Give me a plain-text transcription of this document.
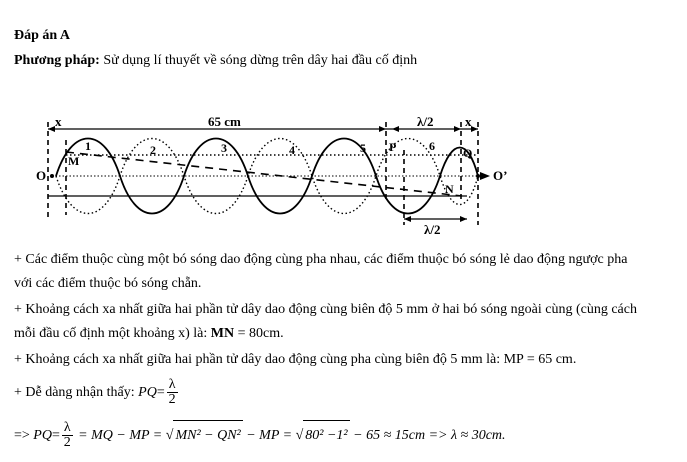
Đáp án A
Phương pháp: Sử dụng lí thuyết về sóng dừng trên dây hai đầu cố định
x	65 cm	λ/2 x
λ/2
O	O’
M
N
P	Q
1	2	3	4	5	6
+ Các điểm thuộc cùng một bó sóng dao động cùng pha nhau, các điểm thuộc bó sóng lẻ dao động ngược pha
với các điểm thuộc bó sóng chẵn.
+ Khoảng cách xa nhất giữa hai phần tử dây dao động cùng biên độ 5 mm ở hai bó sóng ngoài cùng (cùng cách
mỗi đầu cố định một khoảng x) là: MN = 80cm.
+ Khoảng cách xa nhất giữa hai phần tử dây dao động cùng pha cùng biên độ 5 mm là: MP = 65 cm.
+ Dễ dàng nhận thấy: $PQ= \frac{\lambda}{2}$
=> $PQ= \frac{\lambda}{2}$ = MQ − MP = √ MN² − QN² − MP = √ 80² −1² − 65 ≈ 15cm => λ ≈ 30cm.
